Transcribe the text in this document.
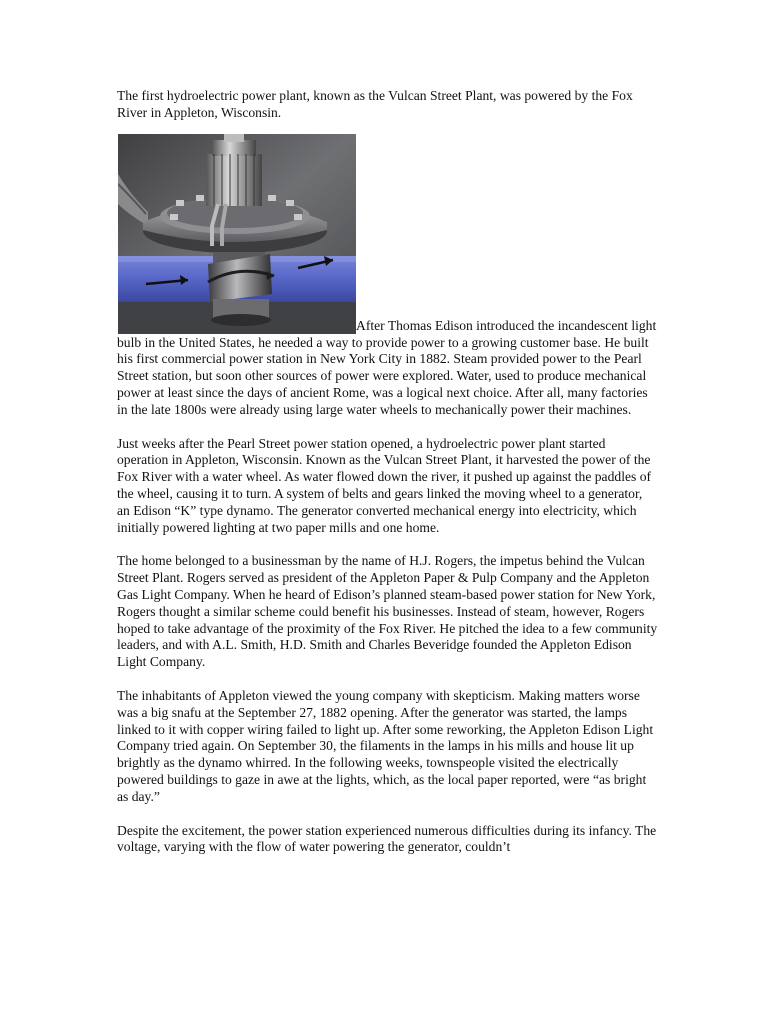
The first hydroelectric power plant, known as the Vulcan Street Plant, was powered by the Fox River in Appleton, Wisconsin.

After Thomas Edison introduced the incandescent light bulb in the United States, he needed a way to provide power to a growing customer base. He built his first commercial power station in New York City in 1882. Steam provided power to the Pearl Street station, but soon other sources of power were explored. Water, used to produce mechanical power at least since the days of ancient Rome, was a logical next choice. After all, many factories in the late 1800s were already using large water wheels to mechanically power their machines.

Just weeks after the Pearl Street power station opened, a hydroelectric power plant started operation in Appleton, Wisconsin. Known as the Vulcan Street Plant, it harvested the power of the Fox River with a water wheel. As water flowed down the river, it pushed up against the paddles of the wheel, causing it to turn. A system of belts and gears linked the moving wheel to a generator, an Edison “K” type dynamo. The generator converted mechanical energy into electricity, which initially powered lighting at two paper mills and one home.

The home belonged to a businessman by the name of H.J. Rogers, the impetus behind the Vulcan Street Plant. Rogers served as president of the Appleton Paper & Pulp Company and the Appleton Gas Light Company. When he heard of Edison’s planned steam-based power station for New York, Rogers thought a similar scheme could benefit his businesses. Instead of steam, however, Rogers hoped to take advantage of the proximity of the Fox River. He pitched the idea to a few community leaders, and with A.L. Smith, H.D. Smith and Charles Beveridge founded the Appleton Edison Light Company.

The inhabitants of Appleton viewed the young company with skepticism. Making matters worse was a big snafu at the September 27, 1882 opening. After the generator was started, the lamps linked to it with copper wiring failed to light up. After some reworking, the Appleton Edison Light Company tried again. On September 30, the filaments in the lamps in his mills and house lit up brightly as the dynamo whirred. In the following weeks, townspeople visited the electrically powered buildings to gaze in awe at the lights, which, as the local paper reported, were “as bright as day.”

Despite the excitement, the power station experienced numerous difficulties during its infancy. The voltage, varying with the flow of water powering the generator, couldn’t
